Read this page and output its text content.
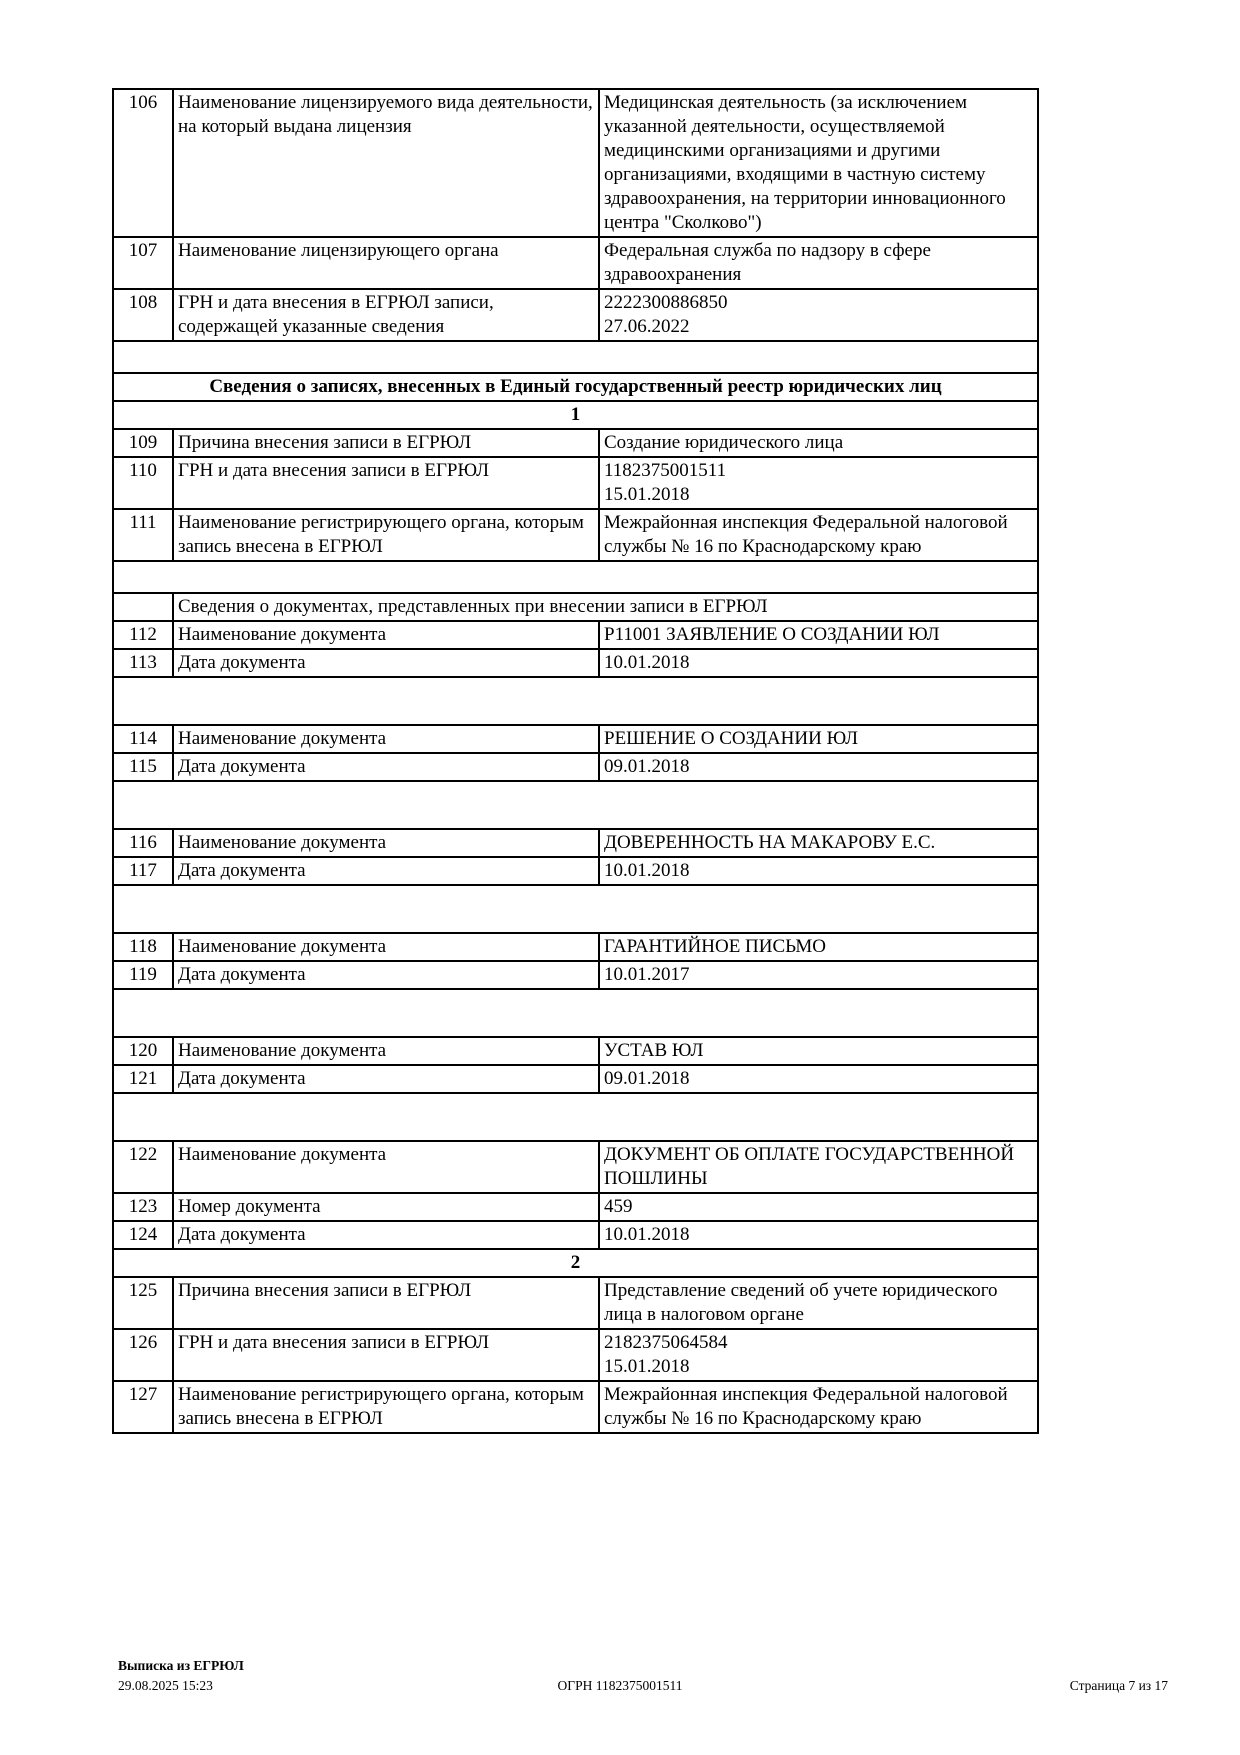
106	Наименование лицензируемого вида деятельности, на который выдана лицензия	Медицинская деятельность (за исключением указанной деятельности, осуществляемой медицинскими организациями и другими организациями, входящими в частную систему здравоохранения, на территории инновационного центра "Сколково")
107	Наименование лицензирующего органа	Федеральная служба по надзору в сфере здравоохранения
108	ГРН и дата внесения в ЕГРЮЛ записи, содержащей указанные сведения	2222300886850
27.06.2022

Сведения о записях, внесенных в Единый государственный реестр юридических лиц		
1		
109	Причина внесения записи в ЕГРЮЛ	Создание юридического лица
110	ГРН и дата внесения записи в ЕГРЮЛ	1182375001511
15.01.2018

111	Наименование регистрирующего органа, которым запись внесена в ЕГРЮЛ	Межрайонная инспекция Федеральной налоговой службы № 16 по Краснодарскому краю

	Сведения о документах, представленных при внесении записи в ЕГРЮЛ	
112	Наименование документа	Р11001 ЗАЯВЛЕНИЕ О СОЗДАНИИ ЮЛ
113	Дата документа	10.01.2018

114	Наименование документа	РЕШЕНИЕ О СОЗДАНИИ ЮЛ
115	Дата документа	09.01.2018

116	Наименование документа	ДОВЕРЕННОСТЬ НА МАКАРОВУ Е.С.
117	Дата документа	10.01.2018

118	Наименование документа	ГАРАНТИЙНОЕ ПИСЬМО
119	Дата документа	10.01.2017

120	Наименование документа	УСТАВ ЮЛ
121	Дата документа	09.01.2018

122	Наименование документа	ДОКУМЕНТ ОБ ОПЛАТЕ ГОСУДАРСТВЕННОЙ ПОШЛИНЫ
123	Номер документа	459
124	Дата документа	10.01.2018
2		
125	Причина внесения записи в ЕГРЮЛ	Представление сведений об учете юридического лица в налоговом органе
126	ГРН и дата внесения записи в ЕГРЮЛ	2182375064584
15.01.2018

127	Наименование регистрирующего органа, которым запись внесена в ЕГРЮЛ	Межрайонная инспекция Федеральной налоговой службы № 16 по Краснодарскому краю
Выписка из ЕГРЮЛ
29.08.2025 15:23	ОГРН 1182375001511	Страница 7 из 17
